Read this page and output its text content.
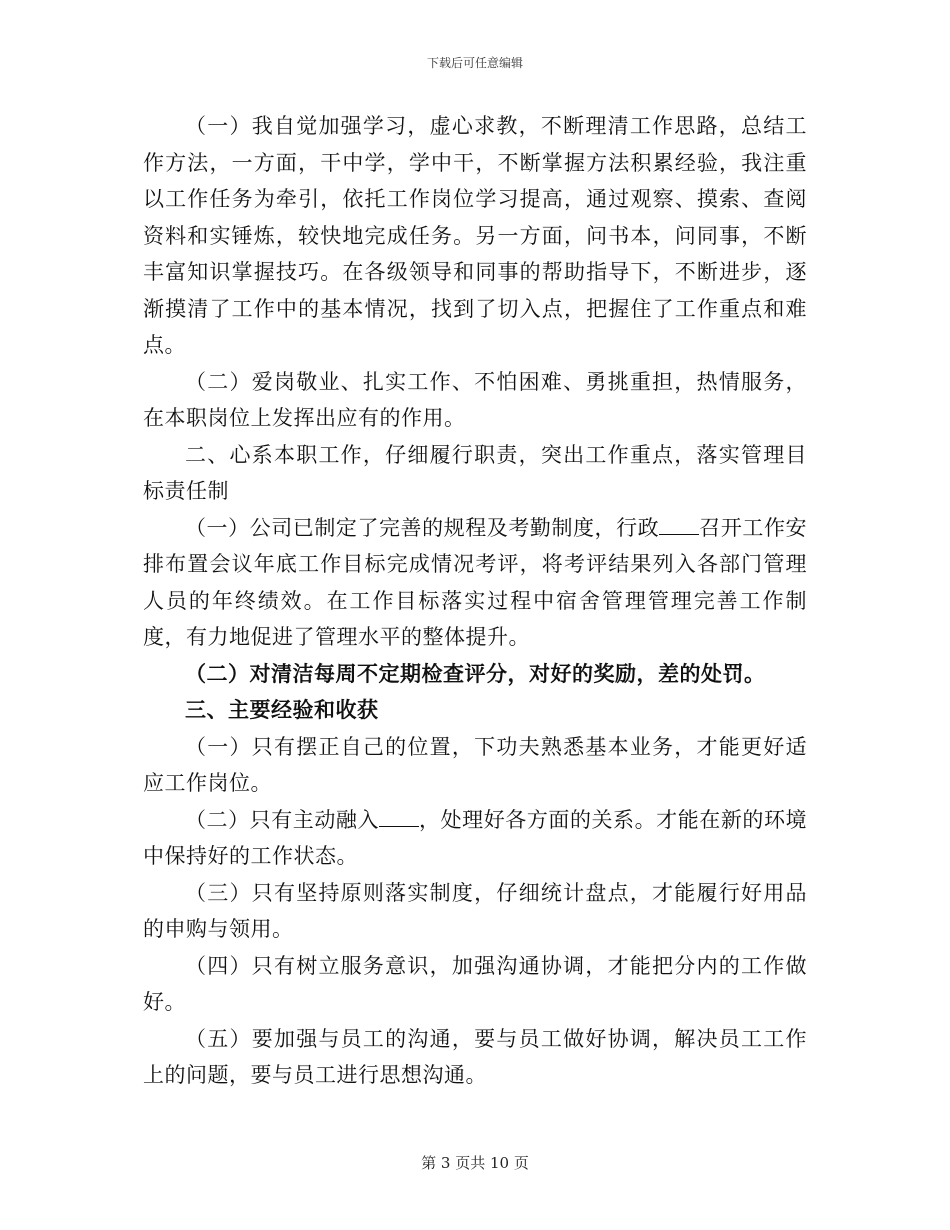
下载后可任意编辑

（一）我自觉加强学习，虚心求教，不断理清工作思路，总结工作方法，一方面，干中学，学中干，不断掌握方法积累经验，我注重以工作任务为牵引，依托工作岗位学习提高，通过观察、摸索、查阅资料和实锤炼，较快地完成任务。另一方面，问书本，问同事，不断丰富知识掌握技巧。在各级领导和同事的帮助指导下，不断进步，逐渐摸清了工作中的基本情况，找到了切入点，把握住了工作重点和难点。

（二）爱岗敬业、扎实工作、不怕困难、勇挑重担，热情服务，在本职岗位上发挥出应有的作用。

二、心系本职工作，仔细履行职责，突出工作重点，落实管理目标责任制

（一）公司已制定了完善的规程及考勤制度，行政 召开工作安排布置会议年底工作目标完成情况考评，将考评结果列入各部门管理人员的年终绩效。在工作目标落实过程中宿舍管理管理完善工作制度，有力地促进了管理水平的整体提升。

（二）对清洁每周不定期检查评分，对好的奖励，差的处罚。

三、主要经验和收获

（一）只有摆正自己的位置，下功夫熟悉基本业务，才能更好适应工作岗位。

（二）只有主动融入 ，处理好各方面的关系。才能在新的环境中保持好的工作状态。

（三）只有坚持原则落实制度，仔细统计盘点，才能履行好用品的申购与领用。

（四）只有树立服务意识，加强沟通协调，才能把分内的工作做好。

（五）要加强与员工的沟通，要与员工做好协调，解决员工工作上的问题，要与员工进行思想沟通。

第 3 页共 10 页
